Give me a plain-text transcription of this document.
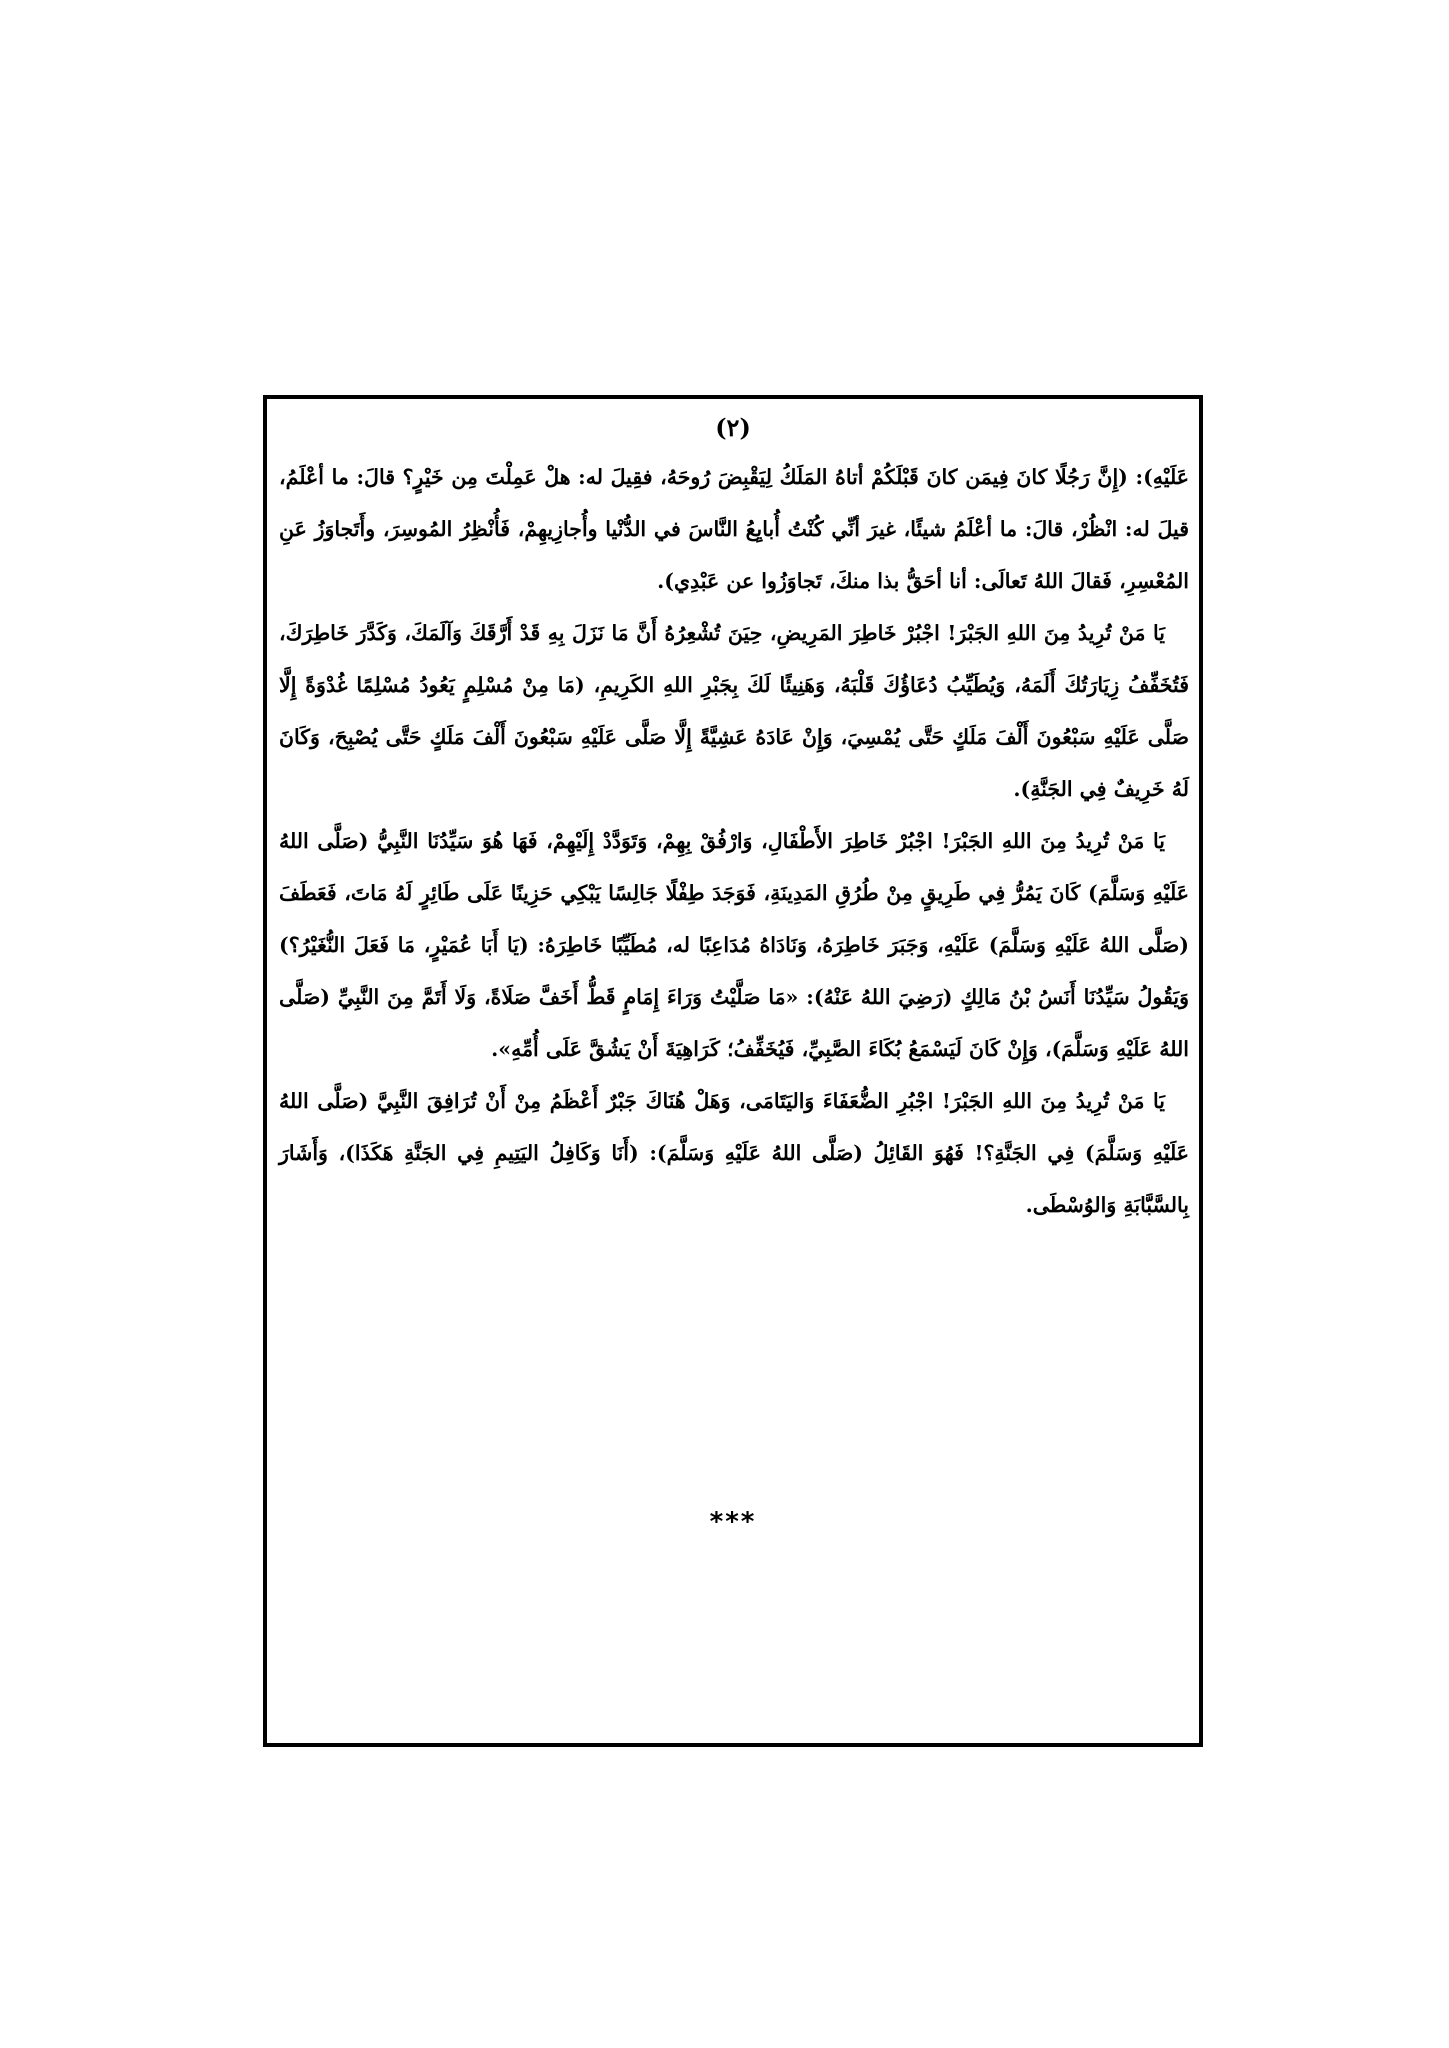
(٢)

عَلَيْهِ): (إِنَّ رَجُلًا كانَ فِيمَن كانَ قَبْلَكُمْ أتاهُ المَلَكُ لِيَقْبِضَ رُوحَهُ، فقِيلَ له: هلْ عَمِلْتَ مِن خَيْرٍ؟ قالَ: ما أعْلَمُ، قيلَ له: انْظُرْ، قالَ: ما أعْلَمُ شيئًا، غيرَ أنِّي كُنْتُ أُبايِعُ النَّاسَ في الدُّنْيا وأُجازِيهِمْ، فَأُنْظِرُ المُوسِرَ، وأَتَجاوَزُ عَنِ المُعْسِرِ، فَقالَ اللهُ تَعالَى: أنا أحَقُّ بذا منكَ، تَجاوَزُوا عن عَبْدِي).

يَا مَنْ تُرِيدُ مِنَ اللهِ الجَبْرَ! اجْبُرْ خَاطِرَ المَرِيضِ، حِيَنَ تُشْعِرُهُ أَنَّ مَا نَزَلَ بِهِ قَدْ أَرَّقَكَ وَآلَمَكَ، وَكَدَّرَ خَاطِرَكَ، فَتُخَفِّفُ زِيَارَتُكَ أَلَمَهُ، وَيُطَيِّبُ دُعَاؤُكَ قَلْبَهُ، وَهَنِيئًا لَكَ بِجَبْرِ اللهِ الكَرِيمِ، (مَا مِنْ مُسْلِمٍ يَعُودُ مُسْلِمًا غُدْوَةً إِلَّا صَلَّى عَلَيْهِ سَبْعُونَ أَلْفَ مَلَكٍ حَتَّى يُمْسِيَ، وَإِنْ عَادَهُ عَشِيَّةً إِلَّا صَلَّى عَلَيْهِ سَبْعُونَ أَلْفَ مَلَكٍ حَتَّى يُصْبِحَ، وَكَانَ لَهُ خَرِيفٌ فِي الجَنَّةِ).

يَا مَنْ تُرِيدُ مِنَ اللهِ الجَبْرَ! اجْبُرْ خَاطِرَ الأَطْفَالِ، وَارْفُقْ بِهِمْ، وَتَوَدَّدْ إِلَيْهِمْ، فَهَا هُوَ سَيِّدُنَا النَّبِيُّ (صَلَّى اللهُ عَلَيْهِ وَسَلَّمَ) كَانَ يَمُرُّ فِي طَرِيقٍ مِنْ طُرُقِ المَدِينَةِ، فَوَجَدَ طِفْلًا جَالِسًا يَبْكِي حَزِينًا عَلَى طَائِرٍ لَهُ مَاتَ، فَعَطَفَ (صَلَّى اللهُ عَلَيْهِ وَسَلَّمَ) عَلَيْهِ، وَجَبَرَ خَاطِرَهُ، وَنَادَاهُ مُدَاعِبًا له، مُطَيِّبًا خَاطِرَهُ: (يَا أَبَا عُمَيْرٍ، مَا فَعَلَ النُّغَيْرُ؟) وَيَقُولُ سَيِّدُنَا أَنَسُ بْنُ مَالِكٍ (رَضِيَ اللهُ عَنْهُ): «مَا صَلَّيْتُ وَرَاءَ إِمَامٍ قَطُّ أَخَفَّ صَلَاةً، وَلَا أَتَمَّ مِنَ النَّبِيِّ (صَلَّى اللهُ عَلَيْهِ وَسَلَّمَ)، وَإِنْ كَانَ لَيَسْمَعُ بُكَاءَ الصَّبِيِّ، فَيُخَفِّفُ؛ كَرَاهِيَةَ أَنْ يَشُقَّ عَلَى أُمِّهِ».

يَا مَنْ تُرِيدُ مِنَ اللهِ الجَبْرَ! اجْبُرِ الضُّعَفَاءَ وَاليَتَامَى، وَهَلْ هُنَاكَ جَبْرٌ أَعْظَمُ مِنْ أَنْ تُرَافِقَ النَّبِيَّ (صَلَّى اللهُ عَلَيْهِ وَسَلَّمَ) فِي الجَنَّةِ؟! فَهُوَ القَائِلُ (صَلَّى اللهُ عَلَيْهِ وَسَلَّمَ): (أَنَا وَكَافِلُ اليَتِيمِ فِي الجَنَّةِ هَكَذَا)، وَأَشَارَ بِالسَّبَّابَةِ وَالوُسْطَى.

***
